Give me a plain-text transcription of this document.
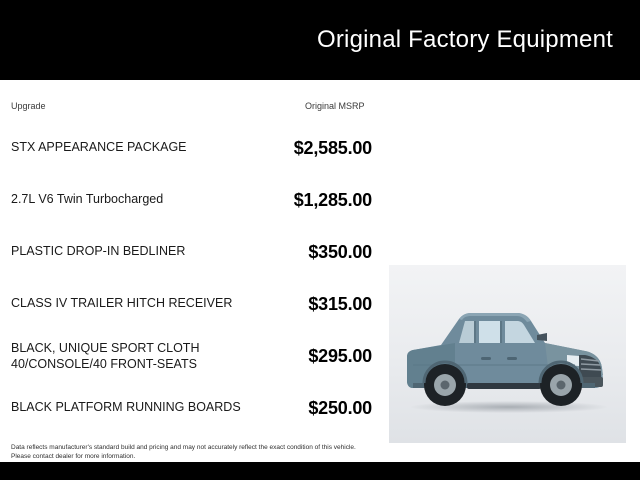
Original Factory Equipment
Upgrade	Original MSRP
STX APPEARANCE PACKAGE	$2,585.00
2.7L V6 Twin Turbocharged	$1,285.00
PLASTIC DROP-IN BEDLINER	$350.00
CLASS IV TRAILER HITCH RECEIVER	$315.00
BLACK, UNIQUE SPORT CLOTH 40/CONSOLE/40 FRONT-SEATS	$295.00
BLACK PLATFORM RUNNING BOARDS	$250.00
Data reflects manufacturer's standard build and pricing and may not accurately reflect the exact condition of this vehicle.
Please contact dealer for more information.
